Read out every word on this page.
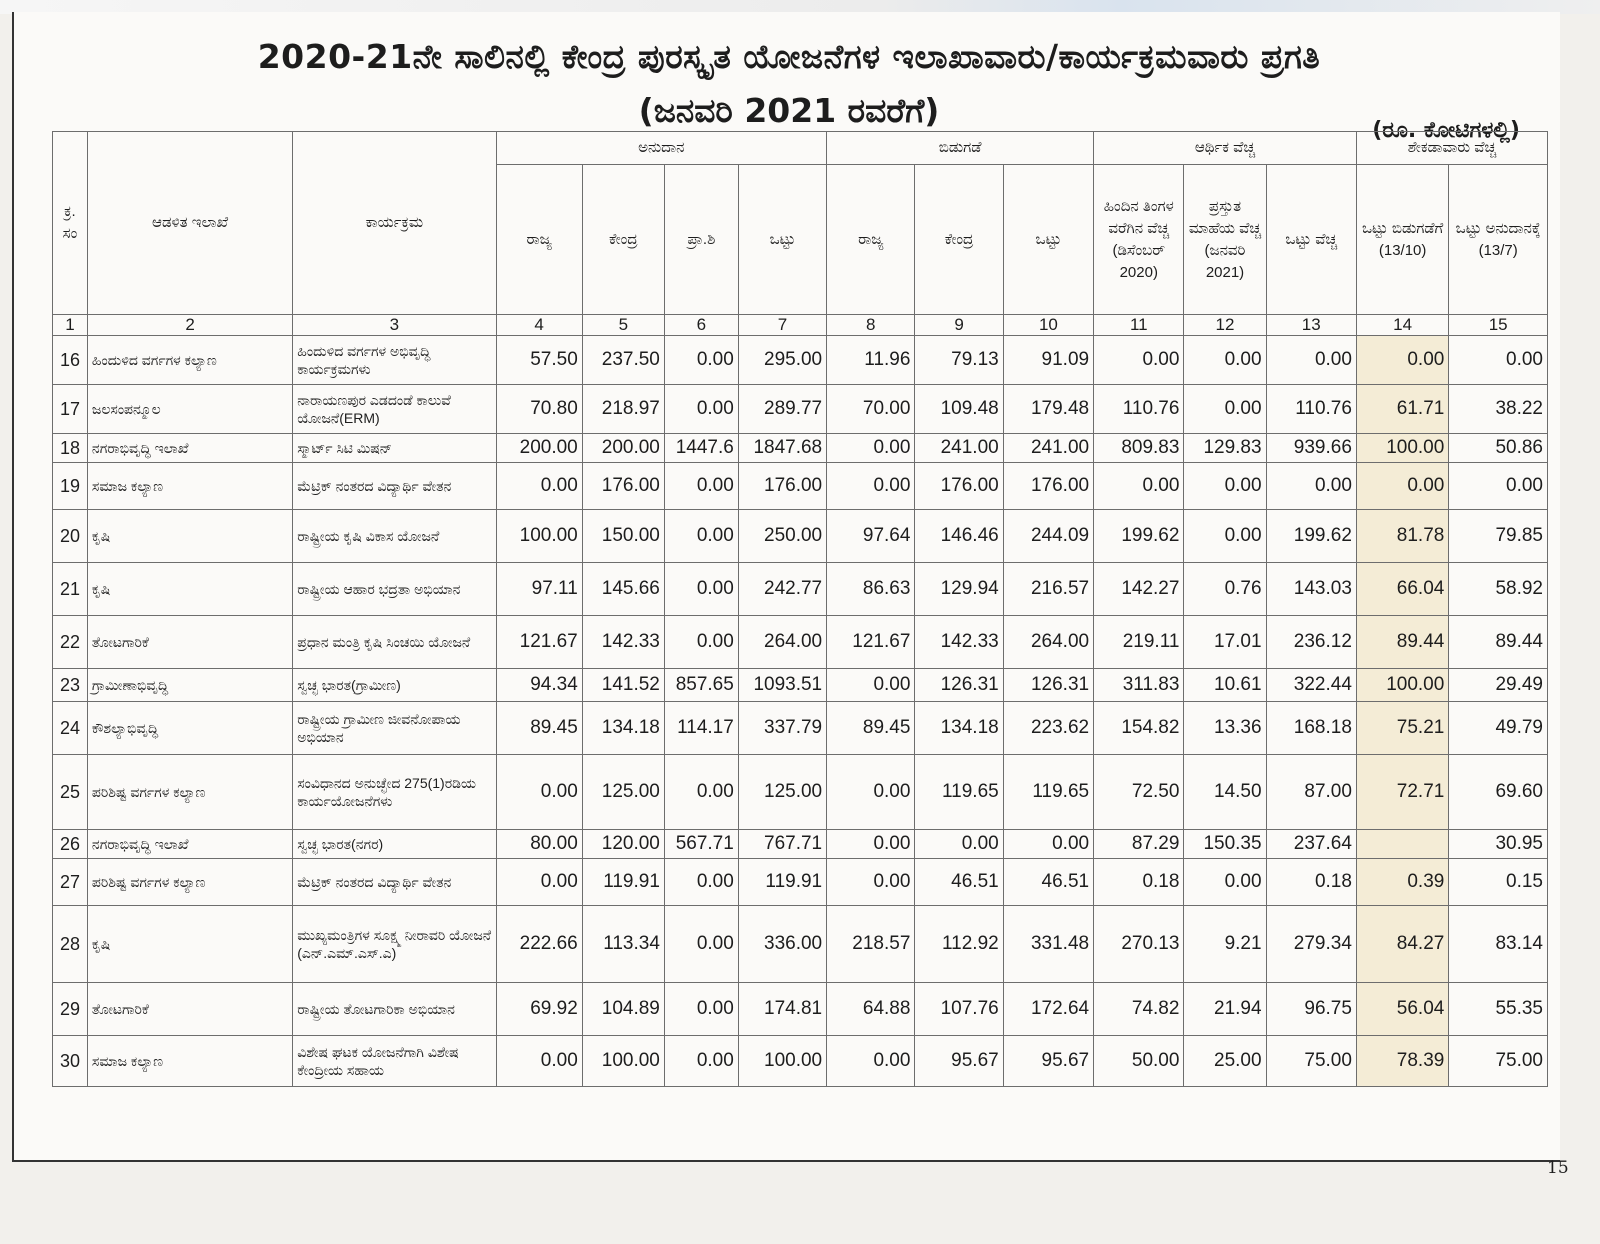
2020-21ನೇ ಸಾಲಿನಲ್ಲಿ ಕೇಂದ್ರ ಪುರಸ್ಕೃತ ಯೋಜನೆಗಳ ಇಲಾಖಾವಾರು/ಕಾರ್ಯಕ್ರಮವಾರು ಪ್ರಗತಿ
(ಜನವರಿ 2021 ರವರೆಗೆ)
(ರೂ. ಕೋಟಿಗಳಲ್ಲಿ)
15
ಕ್ರ. ಸಂ	ಆಡಳಿತ ಇಲಾಖೆ	ಕಾರ್ಯಕ್ರಮ	ಅನುದಾನ				ಬಿಡುಗಡೆ			ಆರ್ಥಿಕ ವೆಚ್ಚ			ಶೇಕಡಾವಾರು ವೆಚ್ಚ	
			ರಾಜ್ಯ	ಕೇಂದ್ರ	ಪ್ರಾ.ಶಿ	ಒಟ್ಟು	ರಾಜ್ಯ	ಕೇಂದ್ರ	ಒಟ್ಟು	ಹಿಂದಿನ ತಿಂಗಳ ವರೆಗಿನ ವೆಚ್ಚ (ಡಿಸೆಂಬರ್ 2020)	ಪ್ರಸ್ತುತ ಮಾಹೆಯ ವೆಚ್ಚ (ಜನವರಿ 2021)	ಒಟ್ಟು ವೆಚ್ಚ	ಒಟ್ಟು ಬಿಡುಗಡೆಗೆ (13/10)	ಒಟ್ಟು ಅನುದಾನಕ್ಕೆ (13/7)
1	2	3	4	5	6	7	8	9	10	11	12	13	14	15
16	ಹಿಂದುಳಿದ ವರ್ಗಗಳ ಕಲ್ಯಾಣ	ಹಿಂದುಳಿದ ವರ್ಗಗಳ ಅಭಿವೃದ್ಧಿ ಕಾರ್ಯಕ್ರಮಗಳು	57.50	237.50	0.00	295.00	11.96	79.13	91.09	0.00	0.00	0.00	0.00	0.00
17	ಜಲಸಂಪನ್ಮೂಲ	ನಾರಾಯಣಪುರ ಎಡದಂಡೆ ಕಾಲುವೆ ಯೋಜನೆ(ERM)	70.80	218.97	0.00	289.77	70.00	109.48	179.48	110.76	0.00	110.76	61.71	38.22
18	ನಗರಾಭಿವೃದ್ಧಿ ಇಲಾಖೆ	ಸ್ಮಾರ್ಟ್ ಸಿಟಿ ಮಿಷನ್	200.00	200.00	1447.6	1847.68	0.00	241.00	241.00	809.83	129.83	939.66	100.00	50.86
19	ಸಮಾಜ ಕಲ್ಯಾಣ	ಮೆಟ್ರಿಕ್ ನಂತರದ ವಿದ್ಯಾರ್ಥಿ ವೇತನ	0.00	176.00	0.00	176.00	0.00	176.00	176.00	0.00	0.00	0.00	0.00	0.00
20	ಕೃಷಿ	ರಾಷ್ಟ್ರೀಯ ಕೃಷಿ ವಿಕಾಸ ಯೋಜನೆ	100.00	150.00	0.00	250.00	97.64	146.46	244.09	199.62	0.00	199.62	81.78	79.85
21	ಕೃಷಿ	ರಾಷ್ಟ್ರೀಯ ಆಹಾರ ಭದ್ರತಾ ಅಭಿಯಾನ	97.11	145.66	0.00	242.77	86.63	129.94	216.57	142.27	0.76	143.03	66.04	58.92
22	ತೋಟಗಾರಿಕೆ	ಪ್ರಧಾನ ಮಂತ್ರಿ ಕೃಷಿ ಸಿಂಚಯಿ ಯೋಜನೆ	121.67	142.33	0.00	264.00	121.67	142.33	264.00	219.11	17.01	236.12	89.44	89.44
23	ಗ್ರಾಮೀಣಾಭಿವೃದ್ಧಿ	ಸ್ವಚ್ಛ ಭಾರತ(ಗ್ರಾಮೀಣ)	94.34	141.52	857.65	1093.51	0.00	126.31	126.31	311.83	10.61	322.44	100.00	29.49
24	ಕೌಶಲ್ಯಾಭಿವೃದ್ಧಿ	ರಾಷ್ಟ್ರೀಯ ಗ್ರಾಮೀಣ ಜೀವನೋಪಾಯ ಅಭಿಯಾನ	89.45	134.18	114.17	337.79	89.45	134.18	223.62	154.82	13.36	168.18	75.21	49.79
25	ಪರಿಶಿಷ್ಟ ವರ್ಗಗಳ ಕಲ್ಯಾಣ	ಸಂವಿಧಾನದ ಅನುಚ್ಛೇದ 275(1)ರಡಿಯ ಕಾರ್ಯಯೋಜನೆಗಳು	0.00	125.00	0.00	125.00	0.00	119.65	119.65	72.50	14.50	87.00	72.71	69.60
26	ನಗರಾಭಿವೃದ್ಧಿ ಇಲಾಖೆ	ಸ್ವಚ್ಛ ಭಾರತ(ನಗರ)	80.00	120.00	567.71	767.71	0.00	0.00	0.00	87.29	150.35	237.64		30.95
27	ಪರಿಶಿಷ್ಟ ವರ್ಗಗಳ ಕಲ್ಯಾಣ	ಮೆಟ್ರಿಕ್ ನಂತರದ ವಿದ್ಯಾರ್ಥಿ ವೇತನ	0.00	119.91	0.00	119.91	0.00	46.51	46.51	0.18	0.00	0.18	0.39	0.15
28	ಕೃಷಿ	ಮುಖ್ಯಮಂತ್ರಿಗಳ ಸೂಕ್ಷ್ಮ ನೀರಾವರಿ ಯೋಜನೆ (ಎನ್.ಎಮ್.ಎಸ್.ಎ)	222.66	113.34	0.00	336.00	218.57	112.92	331.48	270.13	9.21	279.34	84.27	83.14
29	ತೋಟಗಾರಿಕೆ	ರಾಷ್ಟ್ರೀಯ ತೋಟಗಾರಿಕಾ ಅಭಿಯಾನ	69.92	104.89	0.00	174.81	64.88	107.76	172.64	74.82	21.94	96.75	56.04	55.35
30	ಸಮಾಜ ಕಲ್ಯಾಣ	ವಿಶೇಷ ಘಟಕ ಯೋಜನೆಗಾಗಿ ವಿಶೇಷ ಕೇಂದ್ರೀಯ ಸಹಾಯ	0.00	100.00	0.00	100.00	0.00	95.67	95.67	50.00	25.00	75.00	78.39	75.00
